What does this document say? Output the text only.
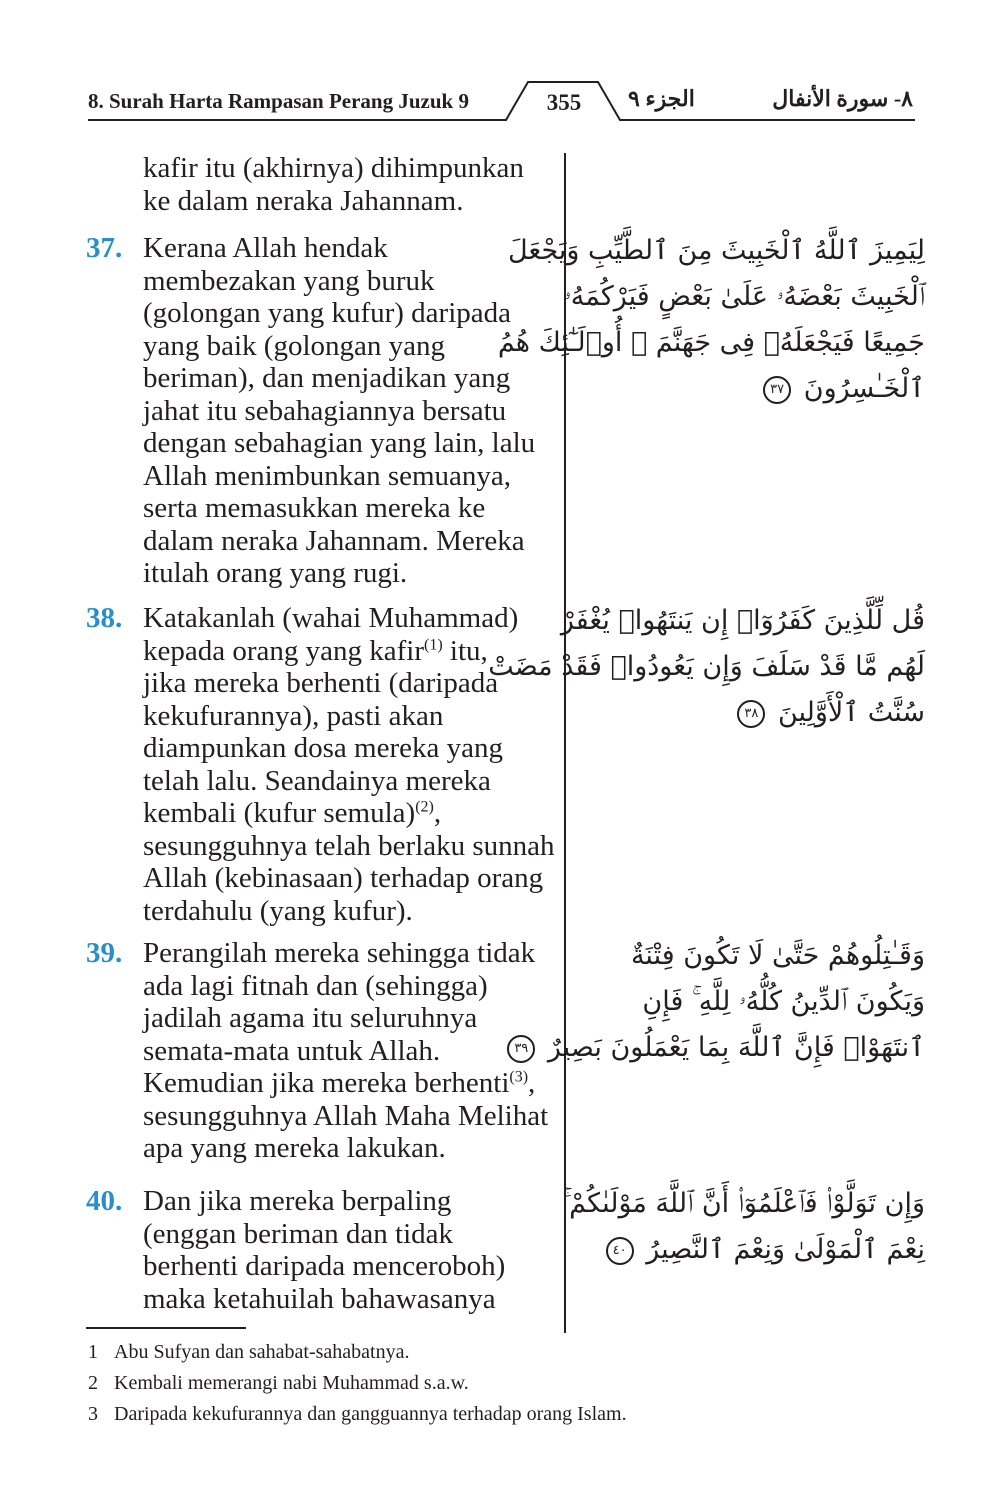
8. Surah Harta Rampasan Perang Juzuk 9	355	الجزء ٩	٨- سورة الأنفال
kafir itu (akhirnya) dihimpunkan
ke dalam neraka Jahannam.
37. Kerana Allah hendak
membezakan yang buruk
(golongan yang kufur) daripada
yang baik (golongan yang
beriman), dan menjadikan yang
jahat itu sebahagiannya bersatu
dengan sebahagian yang lain, lalu
Allah menimbunkan semuanya,
serta memasukkan mereka ke
dalam neraka Jahannam. Mereka
itulah orang yang rugi.
لِيَمِيزَ ٱللَّهُ ٱلْخَبِيثَ مِنَ ٱلطَّيِّبِ وَيَجْعَلَ
ٱلْخَبِيثَ بَعْضَهُۥ عَلَىٰ بَعْضٍ فَيَرْكُمَهُۥ
جَمِيعًا فَيَجْعَلَهُۥ فِى جَهَنَّمَ ۚ أُو۟لَـٰٓئِكَ هُمُ
ٱلْخَـٰسِرُونَ ٣٧
38. Katakanlah (wahai Muhammad)
kepada orang yang kafir$^{(1)}$ itu,
jika mereka berhenti (daripada
kekufurannya), pasti akan
diampunkan dosa mereka yang
telah lalu. Seandainya mereka
kembali (kufur semula)$^{(2)}$,
sesungguhnya telah berlaku sunnah
Allah (kebinasaan) terhadap orang
terdahulu (yang kufur).
قُل لِّلَّذِينَ كَفَرُوٓا۟ إِن يَنتَهُوا۟ يُغْفَرْ
لَهُم مَّا قَدْ سَلَفَ وَإِن يَعُودُوا۟ فَقَدْ مَضَتْ
سُنَّتُ ٱلْأَوَّلِينَ ٣٨
39. Perangilah mereka sehingga tidak
ada lagi fitnah dan (sehingga)
jadilah agama itu seluruhnya
semata-mata untuk Allah.
Kemudian jika mereka berhenti$^{(3)}$,
sesungguhnya Allah Maha Melihat
apa yang mereka lakukan.
وَقَـٰتِلُوهُمْ حَتَّىٰ لَا تَكُونَ فِتْنَةٌ
وَيَكُونَ ٱلدِّينُ كُلُّهُۥ لِلَّهِ ۚ فَإِنِ
ٱنتَهَوْا۟ فَإِنَّ ٱللَّهَ بِمَا يَعْمَلُونَ بَصِيرٌ ٣٩
40. Dan jika mereka berpaling
(enggan beriman dan tidak
berhenti daripada menceroboh)
maka ketahuilah bahawasanya
وَإِن تَوَلَّوْا۟ فَٱعْلَمُوٓا۟ أَنَّ ٱللَّهَ مَوْلَىٰكُمْ ۚ
نِعْمَ ٱلْمَوْلَىٰ وَنِعْمَ ٱلنَّصِيرُ ٤٠
1 Abu Sufyan dan sahabat-sahabatnya.
2 Kembali memerangi nabi Muhammad s.a.w.
3 Daripada kekufurannya dan gangguannya terhadap orang Islam.
